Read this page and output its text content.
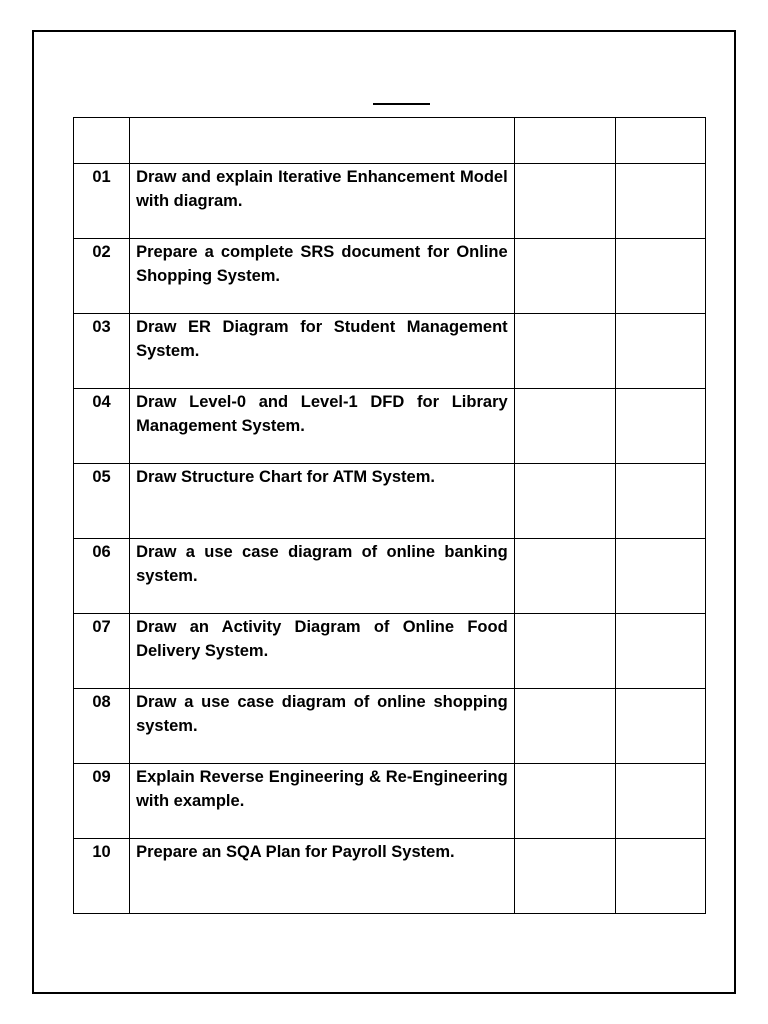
01	Draw and explain Iterative Enhancement Model with diagram.		
02	Prepare a complete SRS document for Online Shopping System.		
03	Draw ER Diagram for Student Management System.		
04	Draw Level-0 and Level-1 DFD for Library Management System.		
05	Draw Structure Chart for ATM System.		
06	Draw a use case diagram of online banking system.		
07	Draw an Activity Diagram of Online Food Delivery System.		
08	Draw a use case diagram of online shopping system.		
09	Explain Reverse Engineering & Re-Engineering with example.		
10	Prepare an SQA Plan for Payroll System.		
